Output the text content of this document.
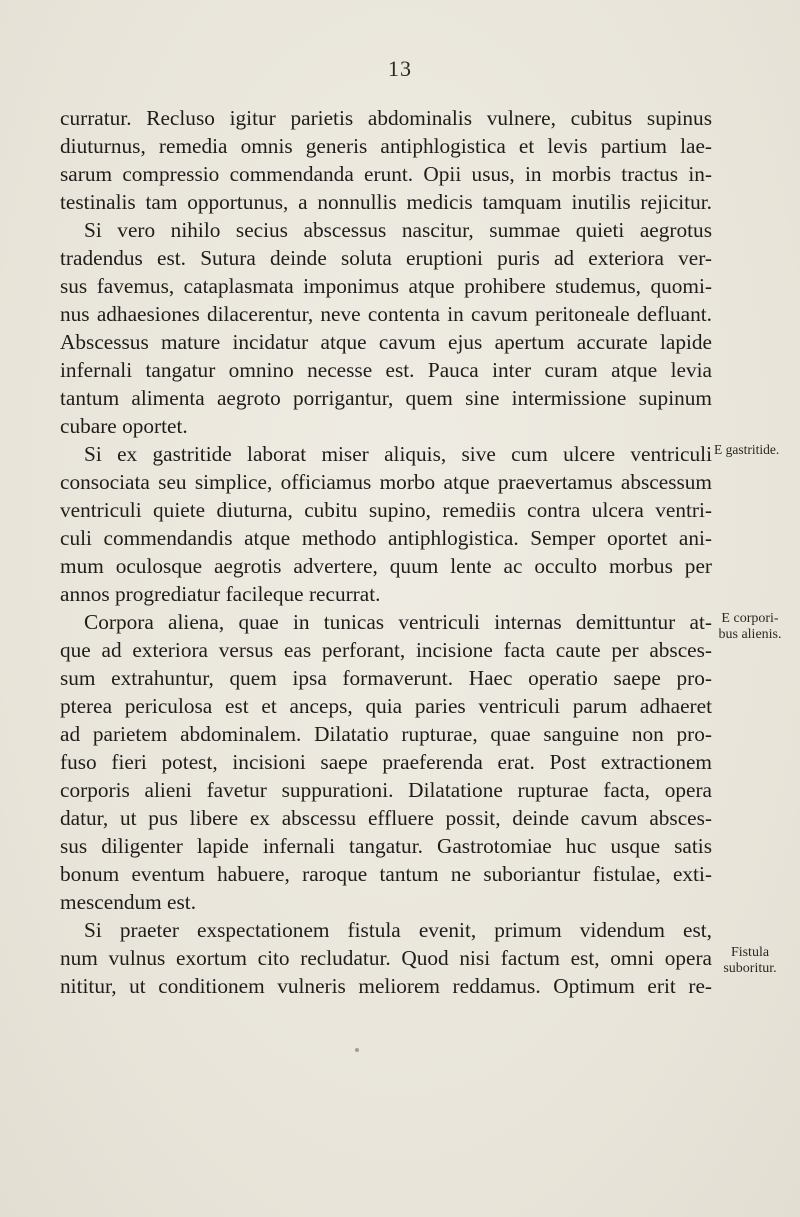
13
curratur. Recluso igitur parietis abdominalis vulnere, cubitus supinus
diuturnus, remedia omnis generis antiphlogistica et levis partium lae-
sarum compressio commendanda erunt. Opii usus, in morbis tractus in-
testinalis tam opportunus, a nonnullis medicis tamquam inutilis rejicitur.
Si vero nihilo secius abscessus nascitur, summae quieti aegrotus
tradendus est. Sutura deinde soluta eruptioni puris ad exteriora ver-
sus favemus, cataplasmata imponimus atque prohibere studemus, quomi-
nus adhaesiones dilacerentur, neve contenta in cavum peritoneale defluant.
Abscessus mature incidatur atque cavum ejus apertum accurate lapide
infernali tangatur omnino necesse est. Pauca inter curam atque levia
tantum alimenta aegroto porrigantur, quem sine intermissione supinum
cubare oportet.
Si ex gastritide laborat miser aliquis, sive cum ulcere ventriculi
consociata seu simplice, officiamus morbo atque praevertamus abscessum
ventriculi quiete diuturna, cubitu supino, remediis contra ulcera ventri-
culi commendandis atque methodo antiphlogistica. Semper oportet ani-
mum oculosque aegrotis advertere, quum lente ac occulto morbus per
annos progrediatur facileque recurrat.
Corpora aliena, quae in tunicas ventriculi internas demittuntur at-
que ad exteriora versus eas perforant, incisione facta caute per absces-
sum extrahuntur, quem ipsa formaverunt. Haec operatio saepe pro-
pterea periculosa est et anceps, quia paries ventriculi parum adhaeret
ad parietem abdominalem. Dilatatio rupturae, quae sanguine non pro-
fuso fieri potest, incisioni saepe praeferenda erat. Post extractionem
corporis alieni favetur suppurationi. Dilatatione rupturae facta, opera
datur, ut pus libere ex abscessu effluere possit, deinde cavum absces-
sus diligenter lapide infernali tangatur. Gastrotomiae huc usque satis
bonum eventum habuere, raroque tantum ne suboriantur fistulae, exti-
mescendum est.
Si praeter exspectationem fistula evenit, primum videndum est,
num vulnus exortum cito recludatur. Quod nisi factum est, omni opera
nititur, ut conditionem vulneris meliorem reddamus. Optimum erit re-
E gastritide.
E corpori-
bus alienis.
Fistula
suboritur.
